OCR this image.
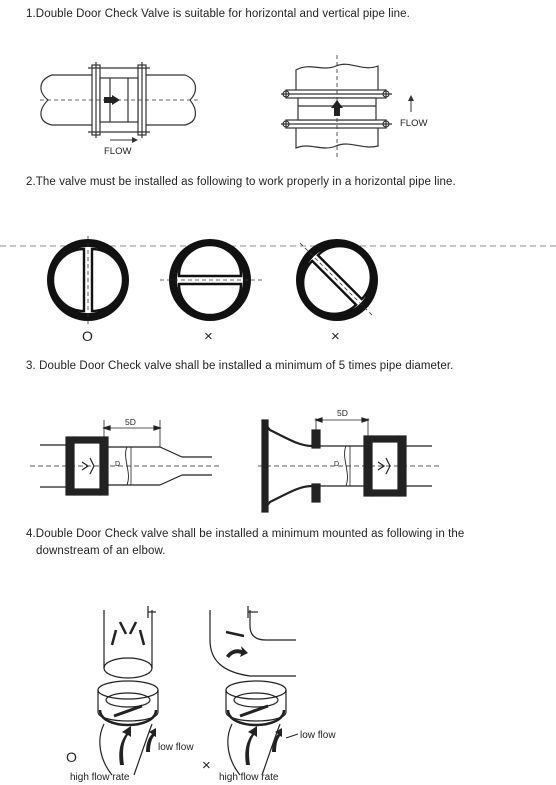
1.Double Door Check Valve is suitable for horizontal and vertical pipe line.
2.The valve must be installed as following to work properly in a horizontal pipe line.
3. Double Door Check valve shall be installed a minimum of 5 times pipe diameter.
4.Double Door Check valve shall be installed a minimum mounted as following in the
downstream of an elbow.
FLOW
FLOW
O	×	×
5D
5D
D	D
low flow
low flow
high flow rate	high flow rate
O	×
